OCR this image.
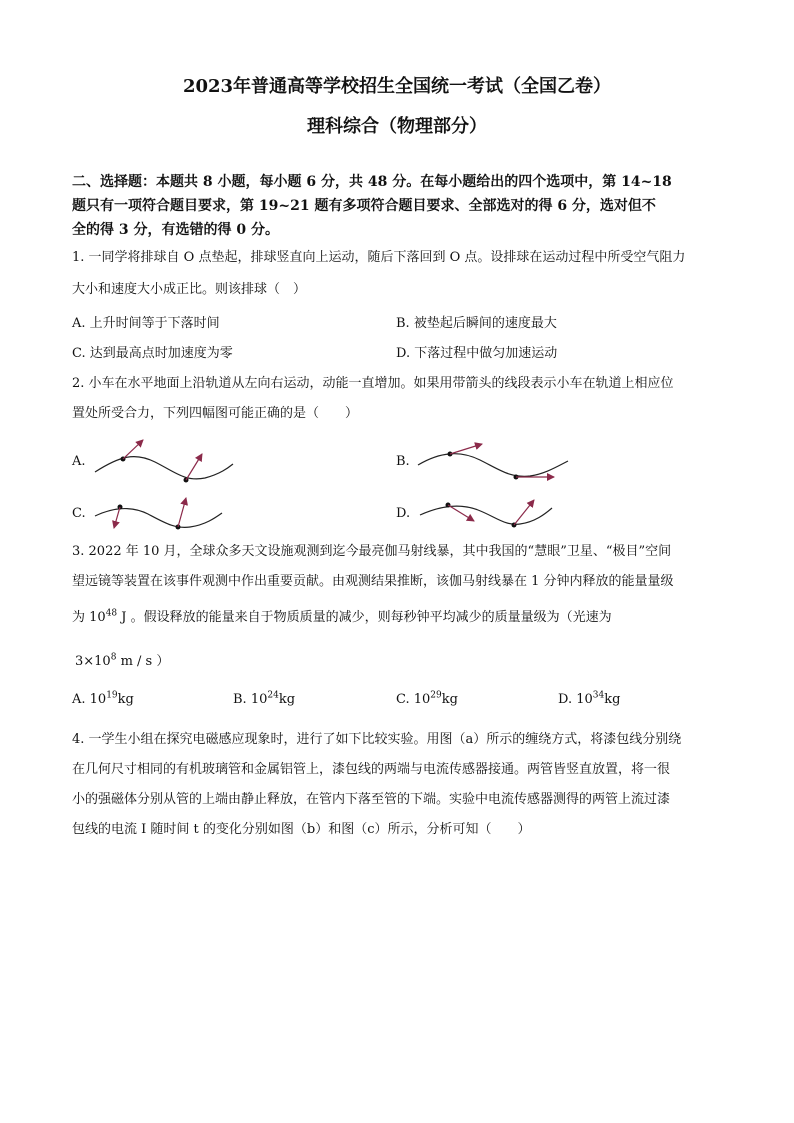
2023年普通高等学校招生全国统一考试（全国乙卷）
理科综合（物理部分）
二、选择题：本题共 8 小题，每小题 6 分，共 48 分。在每小题给出的四个选项中，第 14~18
题只有一项符合题目要求，第 19~21 题有多项符合题目要求、全部选对的得 6 分，选对但不
全的得 3 分，有选错的得 0 分。
1. 一同学将排球自 O 点垫起，排球竖直向上运动，随后下落回到 O 点。设排球在运动过程中所受空气阻力
大小和速度大小成正比。则该排球（　）
A. 上升时间等于下落时间	B. 被垫起后瞬间的速度最大
C. 达到最高点时加速度为零	D. 下落过程中做匀加速运动
2. 小车在水平地面上沿轨道从左向右运动，动能一直增加。如果用带箭头的线段表示小车在轨道上相应位
置处所受合力，下列四幅图可能正确的是（　　）
A.	B.
C.	D.
3. 2022 年 10 月，全球众多天文设施观测到迄今最亮伽马射线暴，其中我国的“慧眼”卫星、“极目”空间
望远镜等装置在该事件观测中作出重要贡献。由观测结果推断，该伽马射线暴在 1 分钟内释放的能量量级
为 $10^{48}$ J 。假设释放的能量来自于物质质量的减少，则每秒钟平均减少的质量量级为（光速为
$3\times 10^8$ m / s ）
A. $10^{19}kg$	B. $10^{24}kg$	C. $10^{29}kg$	D. $10^{34}kg$
4. 一学生小组在探究电磁感应现象时，进行了如下比较实验。用图（a）所示的缠绕方式，将漆包线分别绕
在几何尺寸相同的有机玻璃管和金属铝管上，漆包线的两端与电流传感器接通。两管皆竖直放置，将一很
小的强磁体分别从管的上端由静止释放，在管内下落至管的下端。实验中电流传感器测得的两管上流过漆
包线的电流 I 随时间 t 的变化分别如图（b）和图（c）所示，分析可知（　　）
